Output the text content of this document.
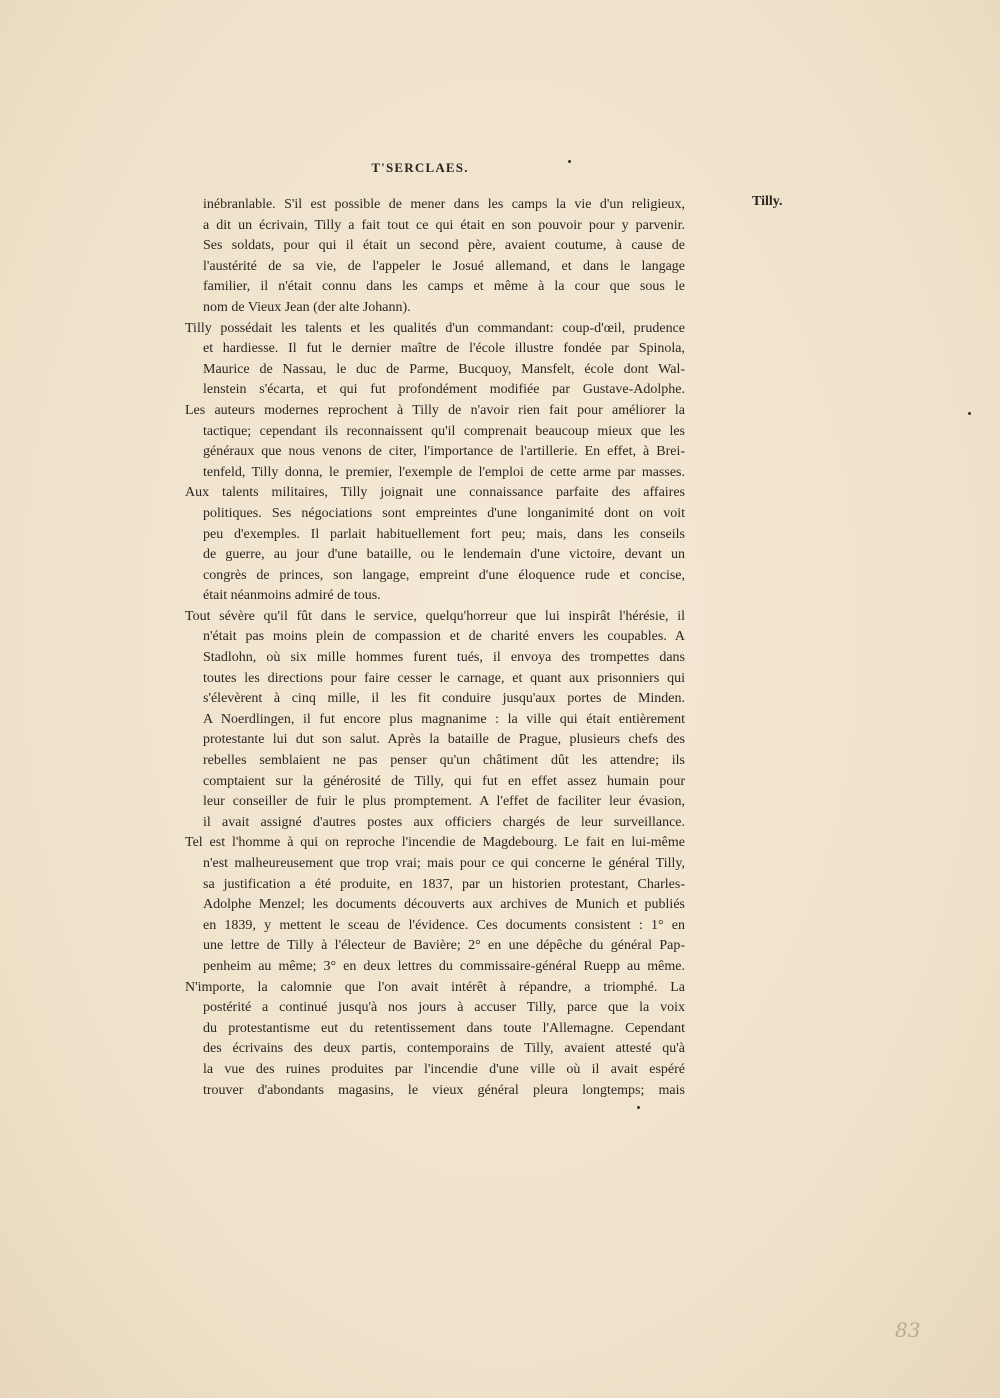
T'SERCLAES.
Tilly.
inébranlable. S'il est possible de mener dans les camps la vie d'un religieux,
a dit un écrivain, Tilly a fait tout ce qui était en son pouvoir pour y parvenir.
Ses soldats, pour qui il était un second père, avaient coutume, à cause de
l'austérité de sa vie, de l'appeler le Josué allemand, et dans le langage
familier, il n'était connu dans les camps et même à la cour que sous le
nom de Vieux Jean (der alte Johann).
Tilly possédait les talents et les qualités d'un commandant: coup-d'œil, prudence
et hardiesse. Il fut le dernier maître de l'école illustre fondée par Spinola,
Maurice de Nassau, le duc de Parme, Bucquoy, Mansfelt, école dont Wal-
lenstein s'écarta, et qui fut profondément modifiée par Gustave-Adolphe.
Les auteurs modernes reprochent à Tilly de n'avoir rien fait pour améliorer la
tactique; cependant ils reconnaissent qu'il comprenait beaucoup mieux que les
généraux que nous venons de citer, l'importance de l'artillerie. En effet, à Brei-
tenfeld, Tilly donna, le premier, l'exemple de l'emploi de cette arme par masses.
Aux talents militaires, Tilly joignait une connaissance parfaite des affaires
politiques. Ses négociations sont empreintes d'une longanimité dont on voit
peu d'exemples. Il parlait habituellement fort peu; mais, dans les conseils
de guerre, au jour d'une bataille, ou le lendemain d'une victoire, devant un
congrès de princes, son langage, empreint d'une éloquence rude et concise,
était néanmoins admiré de tous.
Tout sévère qu'il fût dans le service, quelqu'horreur que lui inspirât l'hérésie, il
n'était pas moins plein de compassion et de charité envers les coupables. A
Stadlohn, où six mille hommes furent tués, il envoya des trompettes dans
toutes les directions pour faire cesser le carnage, et quant aux prisonniers qui
s'élevèrent à cinq mille, il les fit conduire jusqu'aux portes de Minden.
A Noerdlingen, il fut encore plus magnanime : la ville qui était entièrement
protestante lui dut son salut. Après la bataille de Prague, plusieurs chefs des
rebelles semblaient ne pas penser qu'un châtiment dût les attendre; ils
comptaient sur la générosité de Tilly, qui fut en effet assez humain pour
leur conseiller de fuir le plus promptement. A l'effet de faciliter leur évasion,
il avait assigné d'autres postes aux officiers chargés de leur surveillance.
Tel est l'homme à qui on reproche l'incendie de Magdebourg. Le fait en lui-même
n'est malheureusement que trop vrai; mais pour ce qui concerne le général Tilly,
sa justification a été produite, en 1837, par un historien protestant, Charles-
Adolphe Menzel; les documents découverts aux archives de Munich et publiés
en 1839, y mettent le sceau de l'évidence. Ces documents consistent : 1° en
une lettre de Tilly à l'électeur de Bavière; 2° en une dépêche du général Pap-
penheim au même; 3° en deux lettres du commissaire-général Ruepp au même.
N'importe, la calomnie que l'on avait intérêt à répandre, a triomphé. La
postérité a continué jusqu'à nos jours à accuser Tilly, parce que la voix
du protestantisme eut du retentissement dans toute l'Allemagne. Cependant
des écrivains des deux partis, contemporains de Tilly, avaient attesté qu'à
la vue des ruines produites par l'incendie d'une ville où il avait espéré
trouver d'abondants magasins, le vieux général pleura longtemps; mais
83
